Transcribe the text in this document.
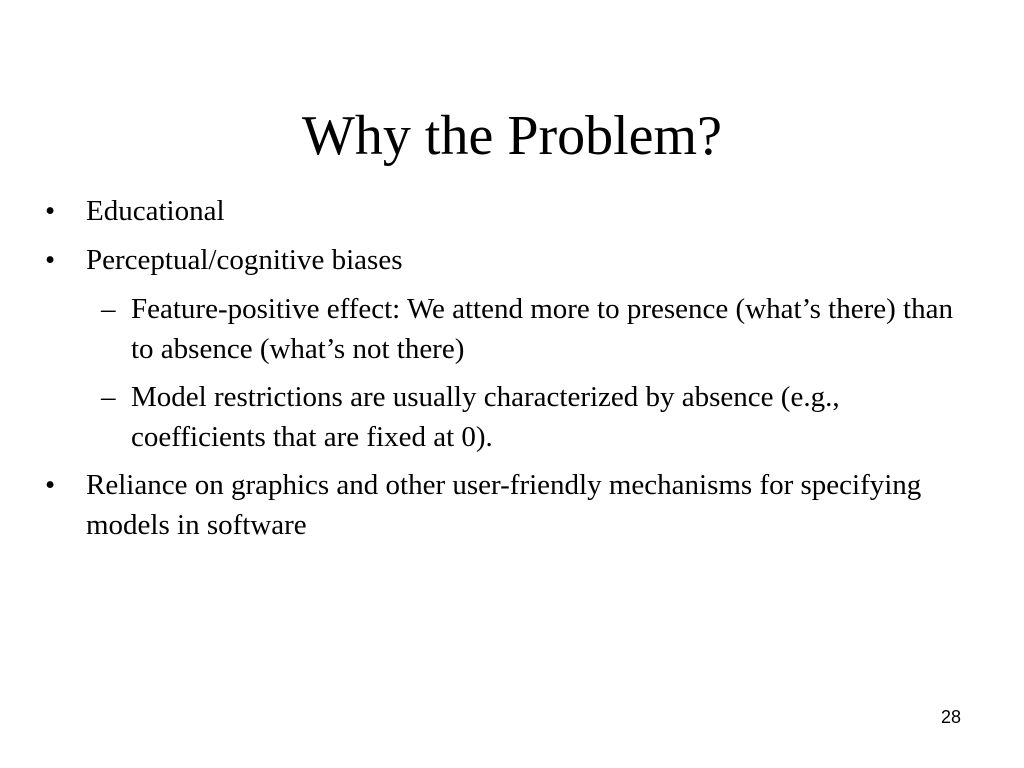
Why the Problem?
• Educational
• Perceptual/cognitive biases
– Feature-positive effect: We attend more to presence (what’s there) than to absence (what’s not there)
– Model restrictions are usually characterized by absence (e.g., coefficients that are fixed at 0).
• Reliance on graphics and other user-friendly mechanisms for specifying models in software
28
